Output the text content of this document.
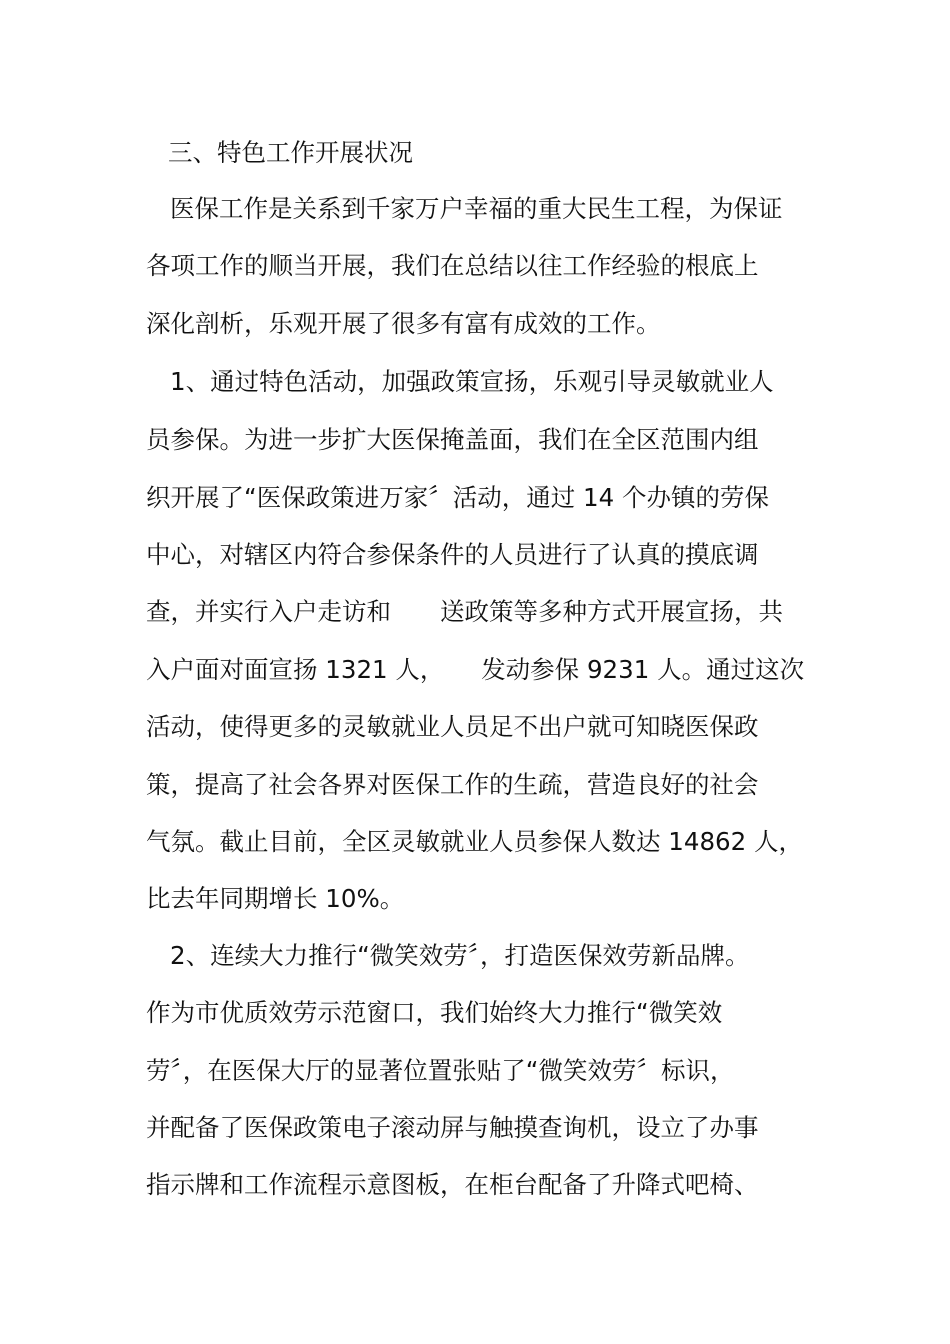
三、特色工作开展状况
医保工作是关系到千家万户幸福的重大民生工程，为保证
各项工作的顺当开展，我们在总结以往工作经验的根底上
深化剖析，乐观开展了很多有富有成效的工作。
1、通过特色活动，加强政策宣扬，乐观引导灵敏就业人
员参保。为进一步扩大医保掩盖面，我们在全区范围内组
织开展了“医保政策进万家〞活动，通过 14 个办镇的劳保
中心，对辖区内符合参保条件的人员进行了认真的摸底调
查，并实行入户走访和　　送政策等多种方式开展宣扬，共
入户面对面宣扬 1321 人，　　发动参保 9231 人。通过这次
活动，使得更多的灵敏就业人员足不出户就可知晓医保政
策，提高了社会各界对医保工作的生疏，营造良好的社会
气氛。截止目前，全区灵敏就业人员参保人数达 14862 人，
比去年同期增长 10%。
2、连续大力推行“微笑效劳〞，打造医保效劳新品牌。
作为市优质效劳示范窗口，我们始终大力推行“微笑效
劳〞，在医保大厅的显著位置张贴了“微笑效劳〞标识，
并配备了医保政策电子滚动屏与触摸查询机，设立了办事
指示牌和工作流程示意图板，在柜台配备了升降式吧椅、
